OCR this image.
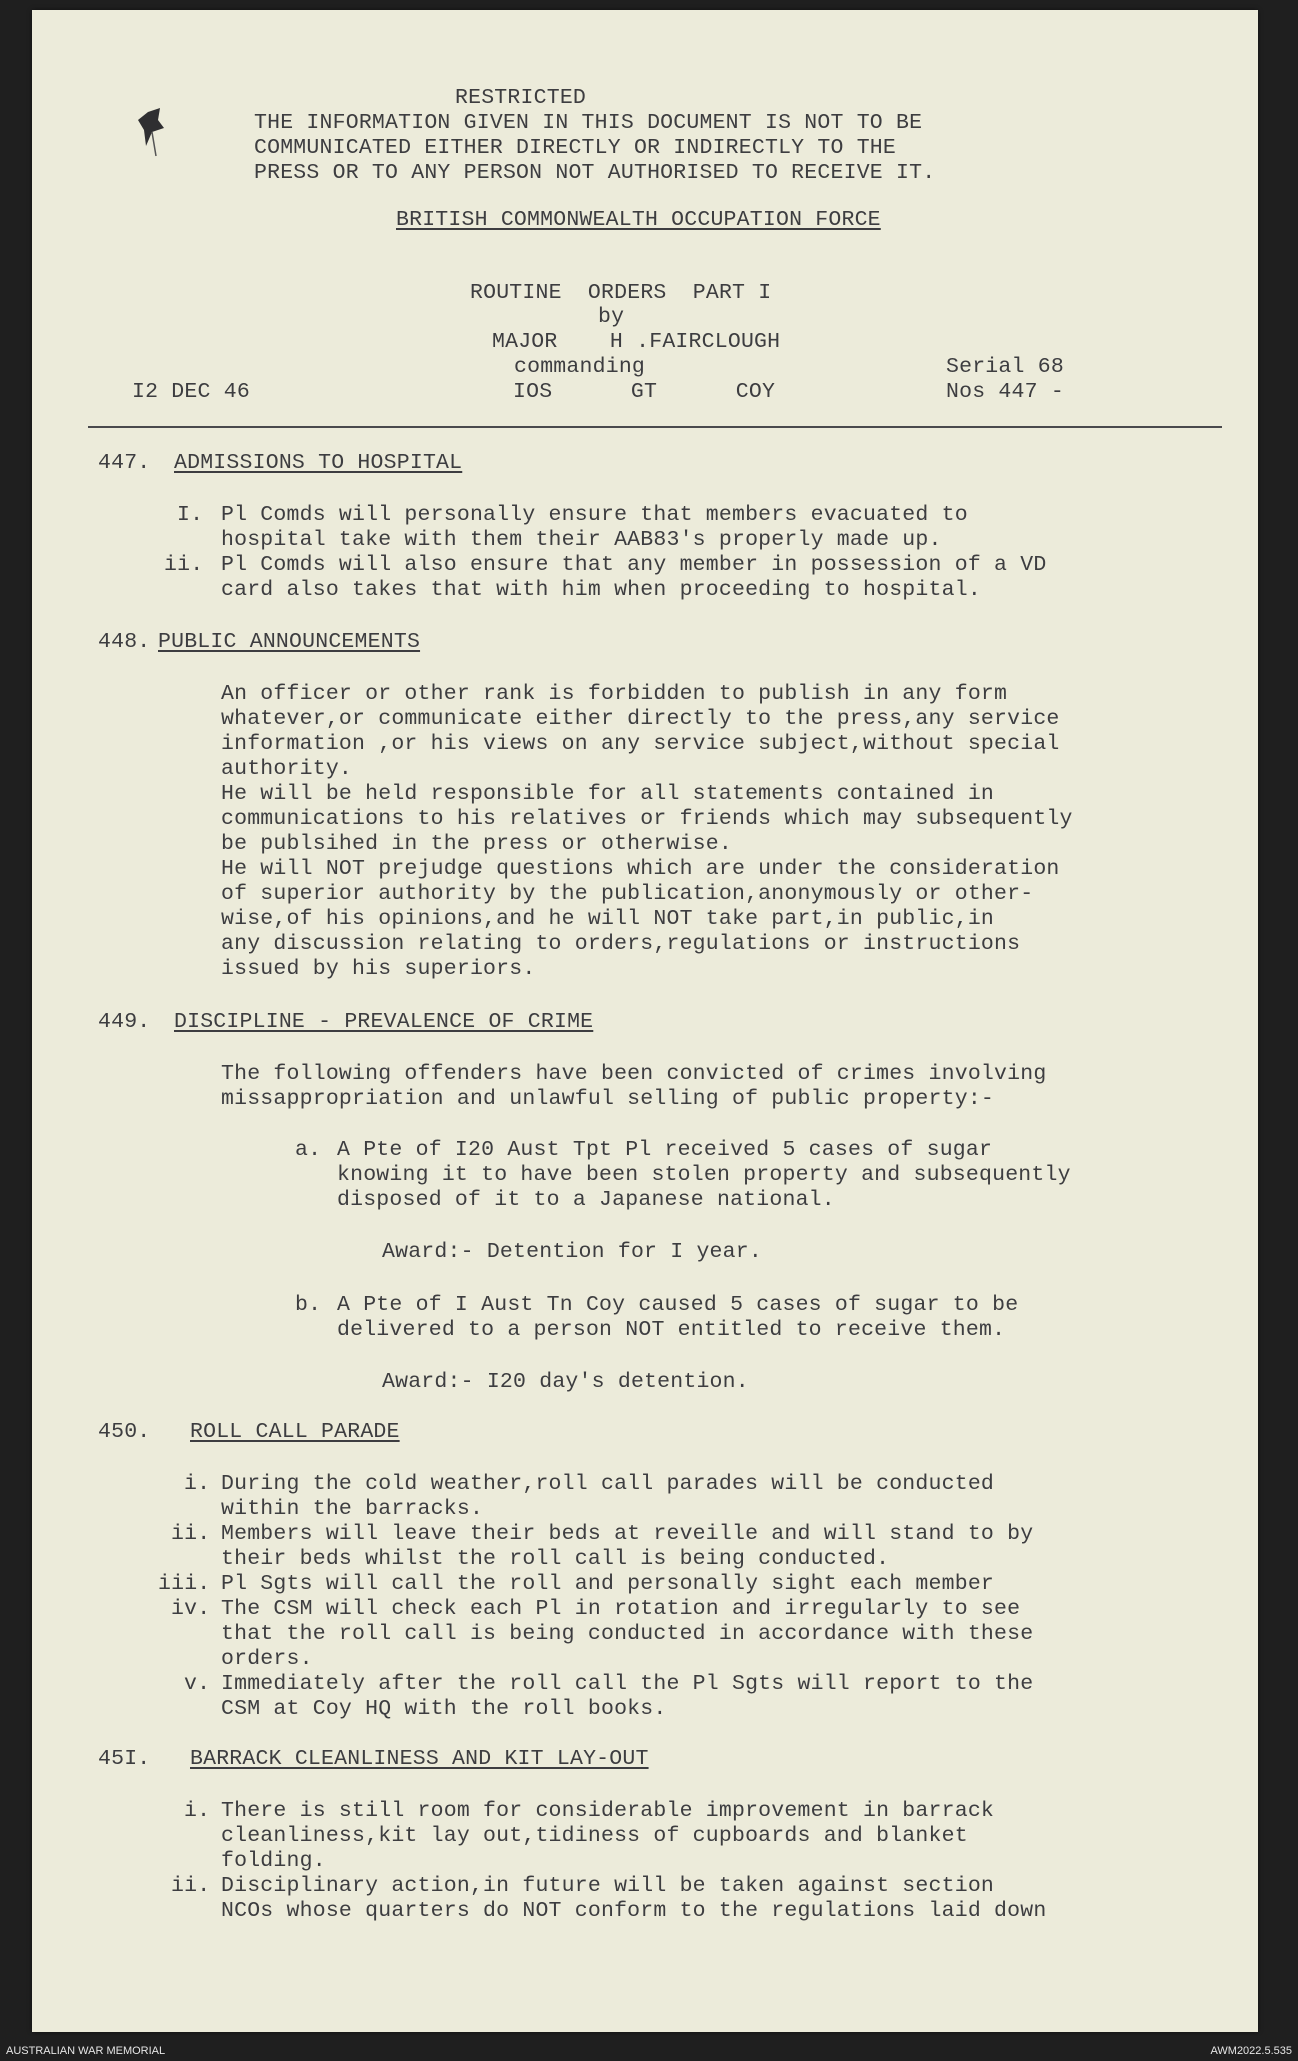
RESTRICTED
THE INFORMATION GIVEN IN THIS DOCUMENT IS NOT TO BE
COMMUNICATED EITHER DIRECTLY OR INDIRECTLY TO THE
PRESS OR TO ANY PERSON NOT AUTHORISED TO RECEIVE IT.
BRITISH COMMONWEALTH OCCUPATION FORCE
ROUTINE  ORDERS  PART I
by
MAJOR    H .FAIRCLOUGH
commanding
I2 DEC 46	IOS      GT      COY
Serial 68
Nos 447 -
447. ADMISSIONS TO HOSPITAL
I. Pl Comds will personally ensure that members evacuated to
hospital take with them their AAB83's properly made up.
ii. Pl Comds will also ensure that any member in possession of a VD
card also takes that with him when proceeding to hospital.
448. PUBLIC ANNOUNCEMENTS
An officer or other rank is forbidden to publish in any form
whatever,or communicate either directly to the press,any service
information ,or his views on any service subject,without special
authority.
He will be held responsible for all statements contained in
communications to his relatives or friends which may subsequently
be publsihed in the press or otherwise.
He will NOT prejudge questions which are under the consideration
of superior authority by the publication,anonymously or other-
wise,of his opinions,and he will NOT take part,in public,in
any discussion relating to orders,regulations or instructions
issued by his superiors.
449. DISCIPLINE - PREVALENCE OF CRIME
The following offenders have been convicted of crimes involving
missappropriation and unlawful selling of public property:-
a. A Pte of I20 Aust Tpt Pl received 5 cases of sugar
knowing it to have been stolen property and subsequently
disposed of it to a Japanese national.
Award:- Detention for I year.
b. A Pte of I Aust Tn Coy caused 5 cases of sugar to be
delivered to a person NOT entitled to receive them.
Award:- I20 day's detention.
450. ROLL CALL PARADE
i. During the cold weather,roll call parades will be conducted
within the barracks.
ii. Members will leave their beds at reveille and will stand to by
their beds whilst the roll call is being conducted.
iii. Pl Sgts will call the roll and personally sight each member
iv. The CSM will check each Pl in rotation and irregularly to see
that the roll call is being conducted in accordance with these
orders.
v. Immediately after the roll call the Pl Sgts will report to the
CSM at Coy HQ with the roll books.
45I. BARRACK CLEANLINESS AND KIT LAY-OUT
i. There is still room for considerable improvement in barrack
cleanliness,kit lay out,tidiness of cupboards and blanket
folding.
ii. Disciplinary action,in future will be taken against section
NCOs whose quarters do NOT conform to the regulations laid down
AUSTRALIAN WAR MEMORIAL	AWM2022.5.535
